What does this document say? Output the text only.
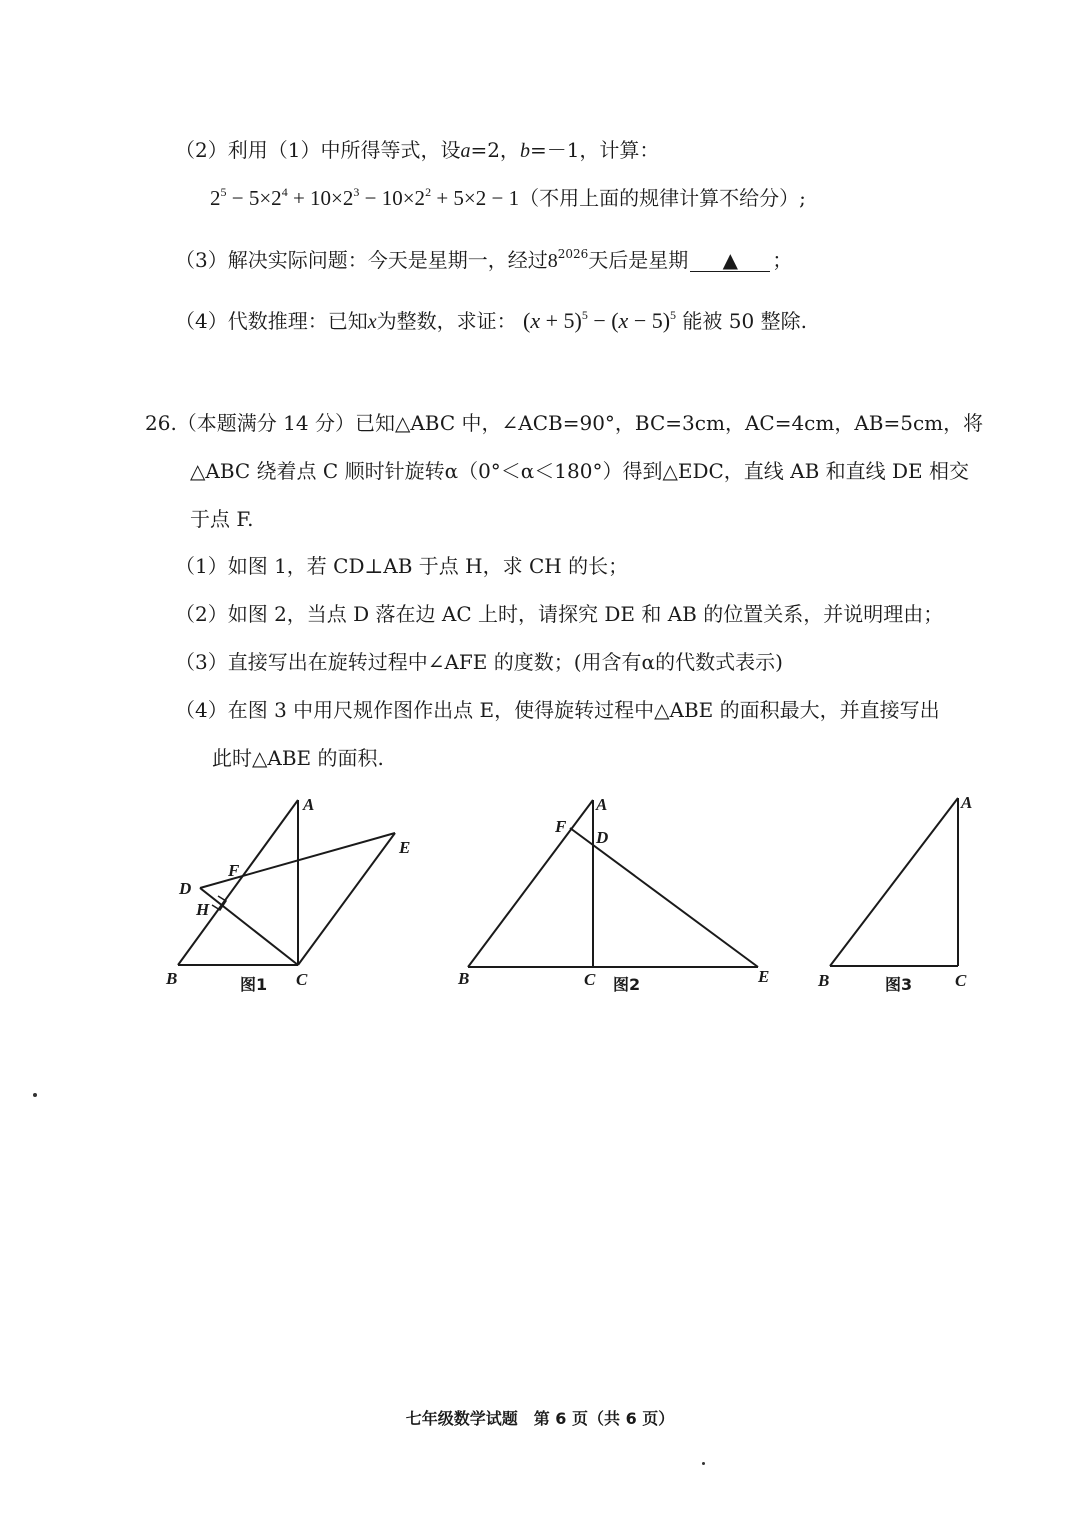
（2）利用（1）中所得等式，设a=2，b=－1，计算：
$2^5 - 5\times 2^4 + 10\times 2^3 - 10\times 2^2 + 5\times 2 - 1$（不用上面的规律计算不给分）;
（3）解决实际问题：今天是星期一，经过$8^{2026}$天后是星期 ▲ ；
（4）代数推理：已知x为整数，求证： $(x + 5)^5 - (x - 5)^5$ 能被 50 整除.
26.（本题满分 14 分）已知△ABC 中，∠ACB=90°，BC=3cm，AC=4cm，AB=5cm，将
△ABC 绕着点 C 顺时针旋转α（0°＜α＜180°）得到△EDC，直线 AB 和直线 DE 相交
于点 F.
（1）如图 1，若 CD⊥AB 于点 H，求 CH 的长；
（2）如图 2，当点 D 落在边 AC 上时，请探究 DE 和 AB 的位置关系，并说明理由；
（3）直接写出在旋转过程中∠AFE 的度数；(用含有α的代数式表示)
（4）在图 3 中用尺规作图作出点 E，使得旋转过程中△ABE 的面积最大，并直接写出
此时△ABE 的面积.
A
E
F
D
H
B	C
图1
A
F
D
B	C	E
图2
A
B	C
图3
七年级数学试题　第 6 页（共 6 页）
